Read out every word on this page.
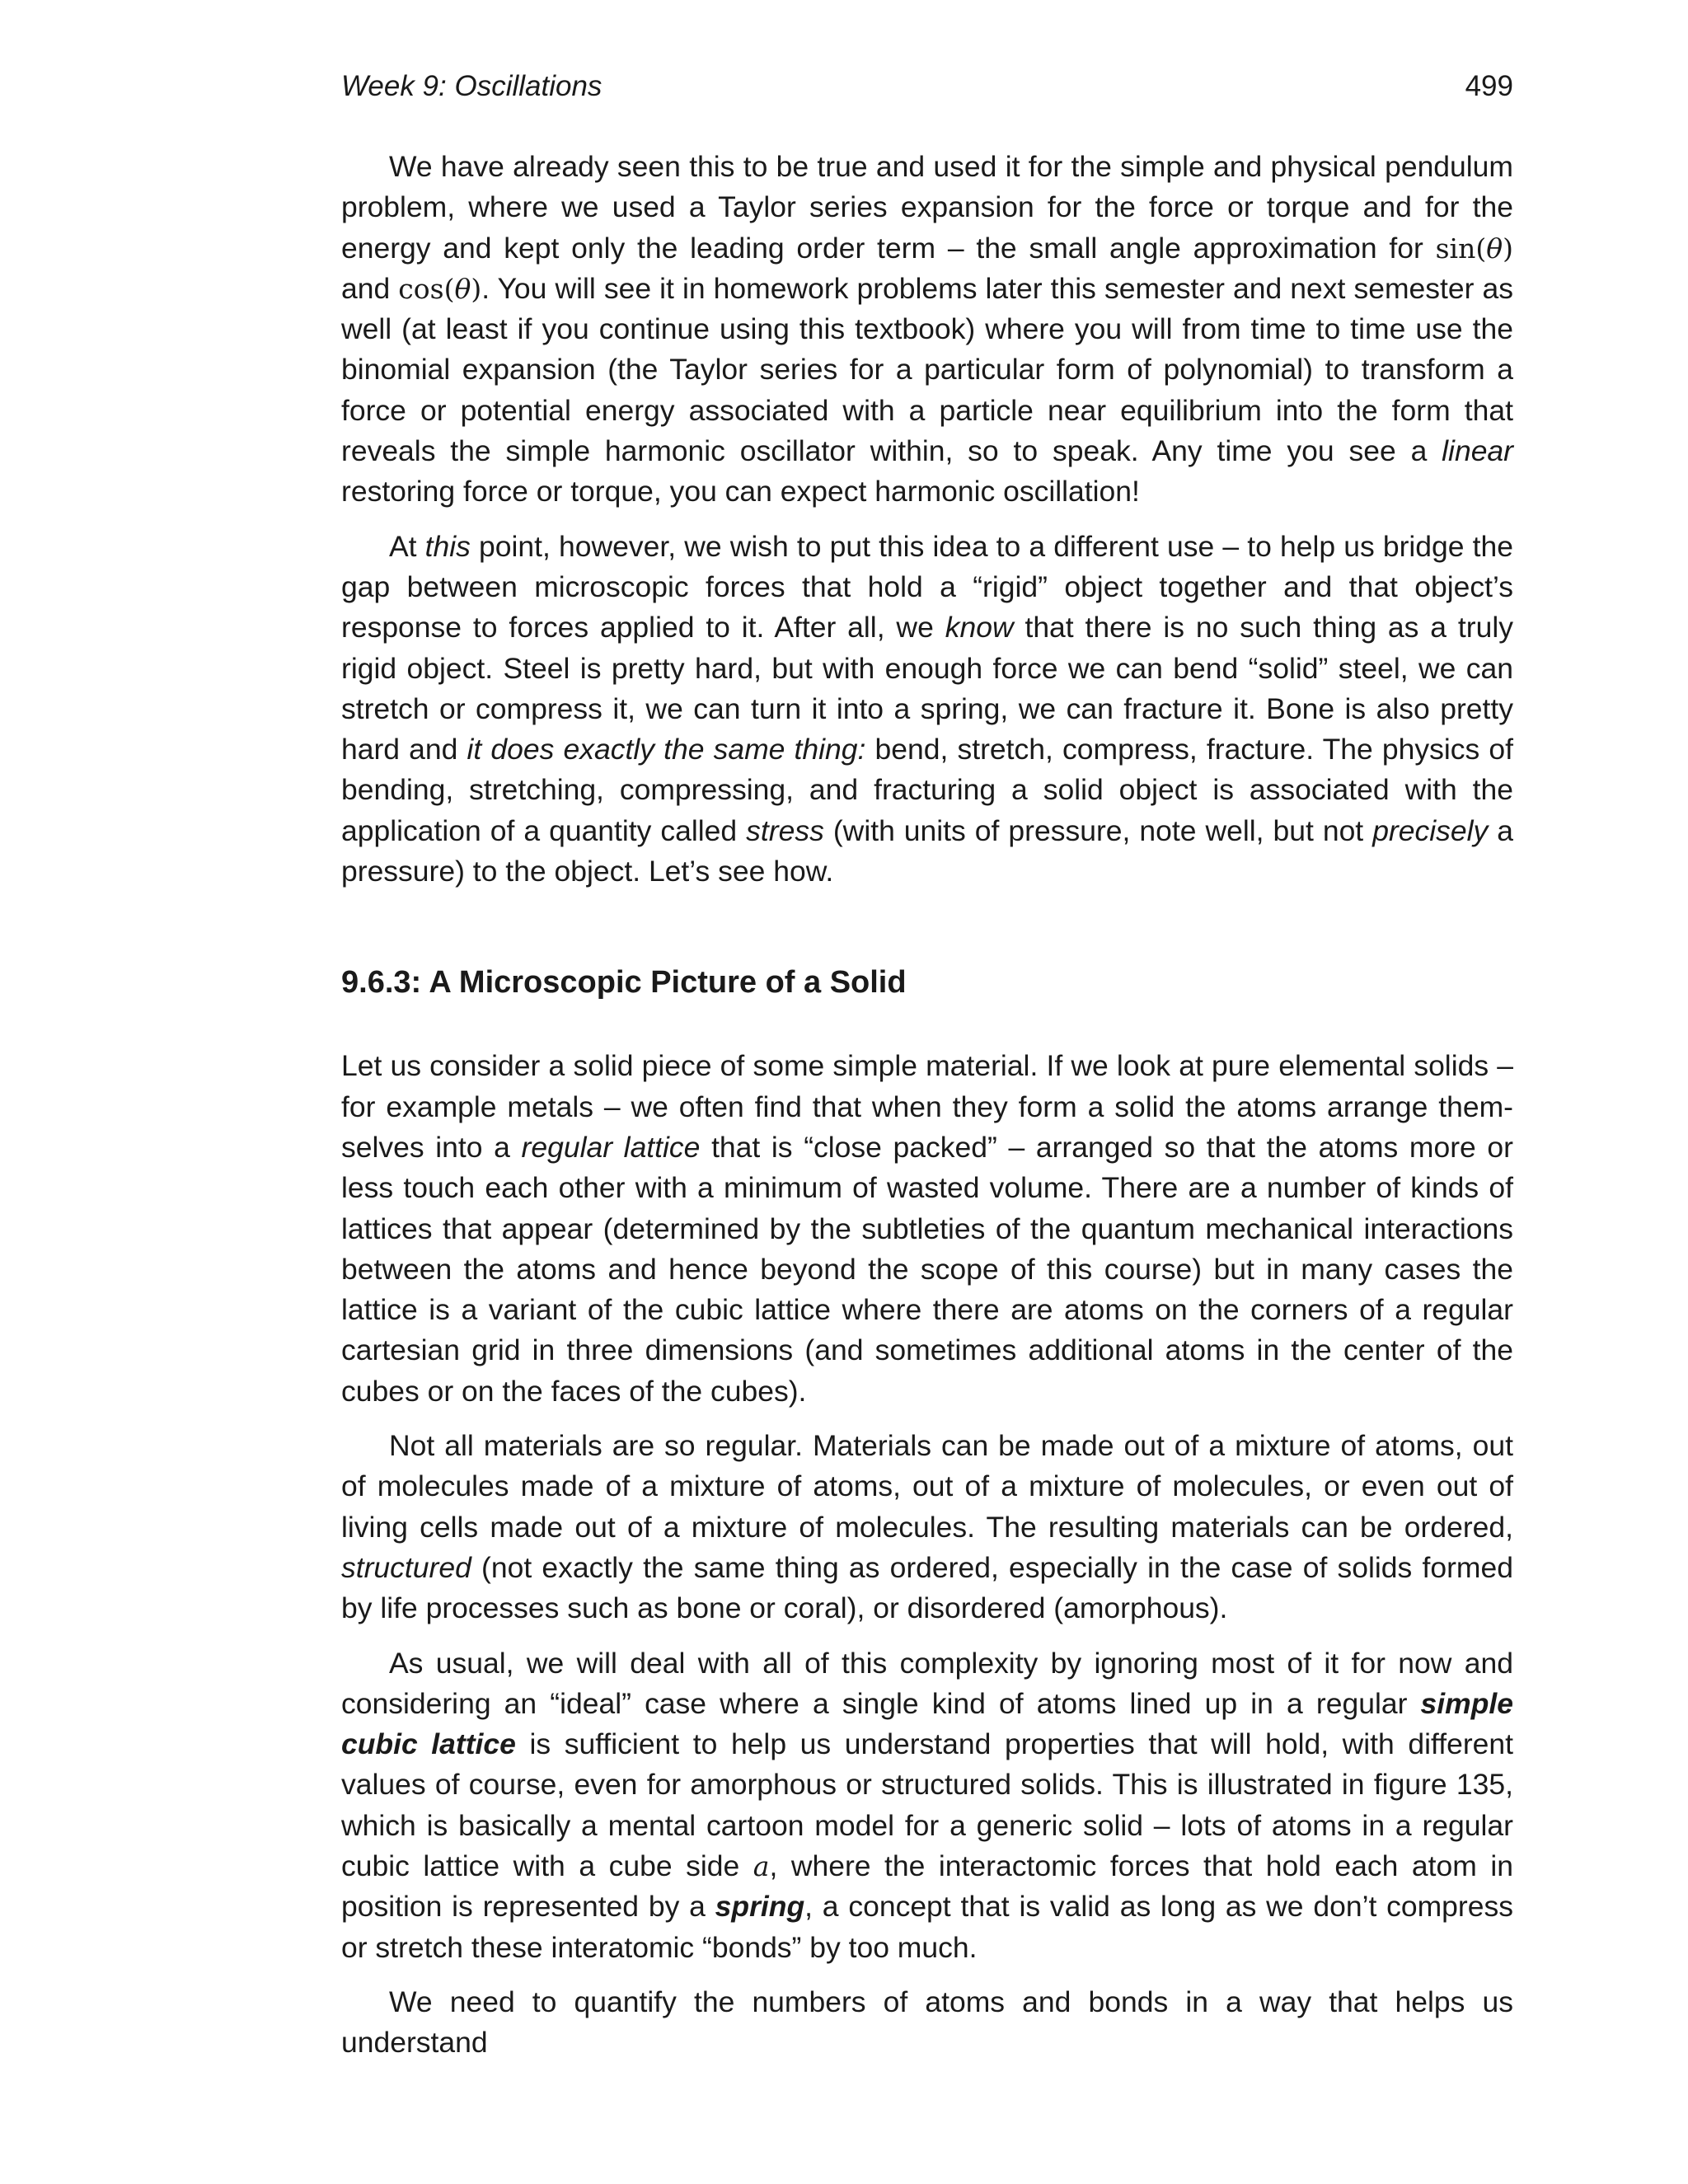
Week 9: Oscillations	499

We have already seen this to be true and used it for the simple and physical pendulum problem, where we used a Taylor series expansion for the force or torque and for the energy and kept only the leading order term – the small angle approximation for sin(θ) and cos(θ). You will see it in homework problems later this semester and next semester as well (at least if you continue using this textbook) where you will from time to time use the binomial expansion (the Taylor series for a particular form of polynomial) to transform a force or potential energy associated with a particle near equilibrium into the form that reveals the simple harmonic oscillator within, so to speak. Any time you see a linear restoring force or torque, you can expect harmonic oscillation!

At this point, however, we wish to put this idea to a different use – to help us bridge the gap between microscopic forces that hold a “rigid” object together and that object’s response to forces applied to it. After all, we know that there is no such thing as a truly rigid object. Steel is pretty hard, but with enough force we can bend “solid” steel, we can stretch or compress it, we can turn it into a spring, we can fracture it. Bone is also pretty hard and it does exactly the same thing: bend, stretch, compress, fracture. The physics of bending, stretching, compressing, and fracturing a solid object is associated with the application of a quantity called stress (with units of pressure, note well, but not precisely a pressure) to the object. Let’s see how.

9.6.3: A Microscopic Picture of a Solid

Let us consider a solid piece of some simple material. If we look at pure elemental solids – for example metals – we often find that when they form a solid the atoms arrange themselves into a regular lattice that is “close packed” – arranged so that the atoms more or less touch each other with a minimum of wasted volume. There are a number of kinds of lattices that appear (determined by the subtleties of the quantum mechanical interactions between the atoms and hence beyond the scope of this course) but in many cases the lattice is a variant of the cubic lattice where there are atoms on the corners of a regular cartesian grid in three dimensions (and sometimes additional atoms in the center of the cubes or on the faces of the cubes).

Not all materials are so regular. Materials can be made out of a mixture of atoms, out of molecules made of a mixture of atoms, out of a mixture of molecules, or even out of living cells made out of a mixture of molecules. The resulting materials can be ordered, structured (not exactly the same thing as ordered, especially in the case of solids formed by life processes such as bone or coral), or disordered (amorphous).

As usual, we will deal with all of this complexity by ignoring most of it for now and considering an “ideal” case where a single kind of atoms lined up in a regular simple cubic lattice is sufficient to help us understand properties that will hold, with different values of course, even for amorphous or structured solids. This is illustrated in figure 135, which is basically a mental cartoon model for a generic solid – lots of atoms in a regular cubic lattice with a cube side a, where the interactomic forces that hold each atom in position is represented by a spring, a concept that is valid as long as we don’t compress or stretch these interatomic “bonds” by too much.

We need to quantify the numbers of atoms and bonds in a way that helps us understand
